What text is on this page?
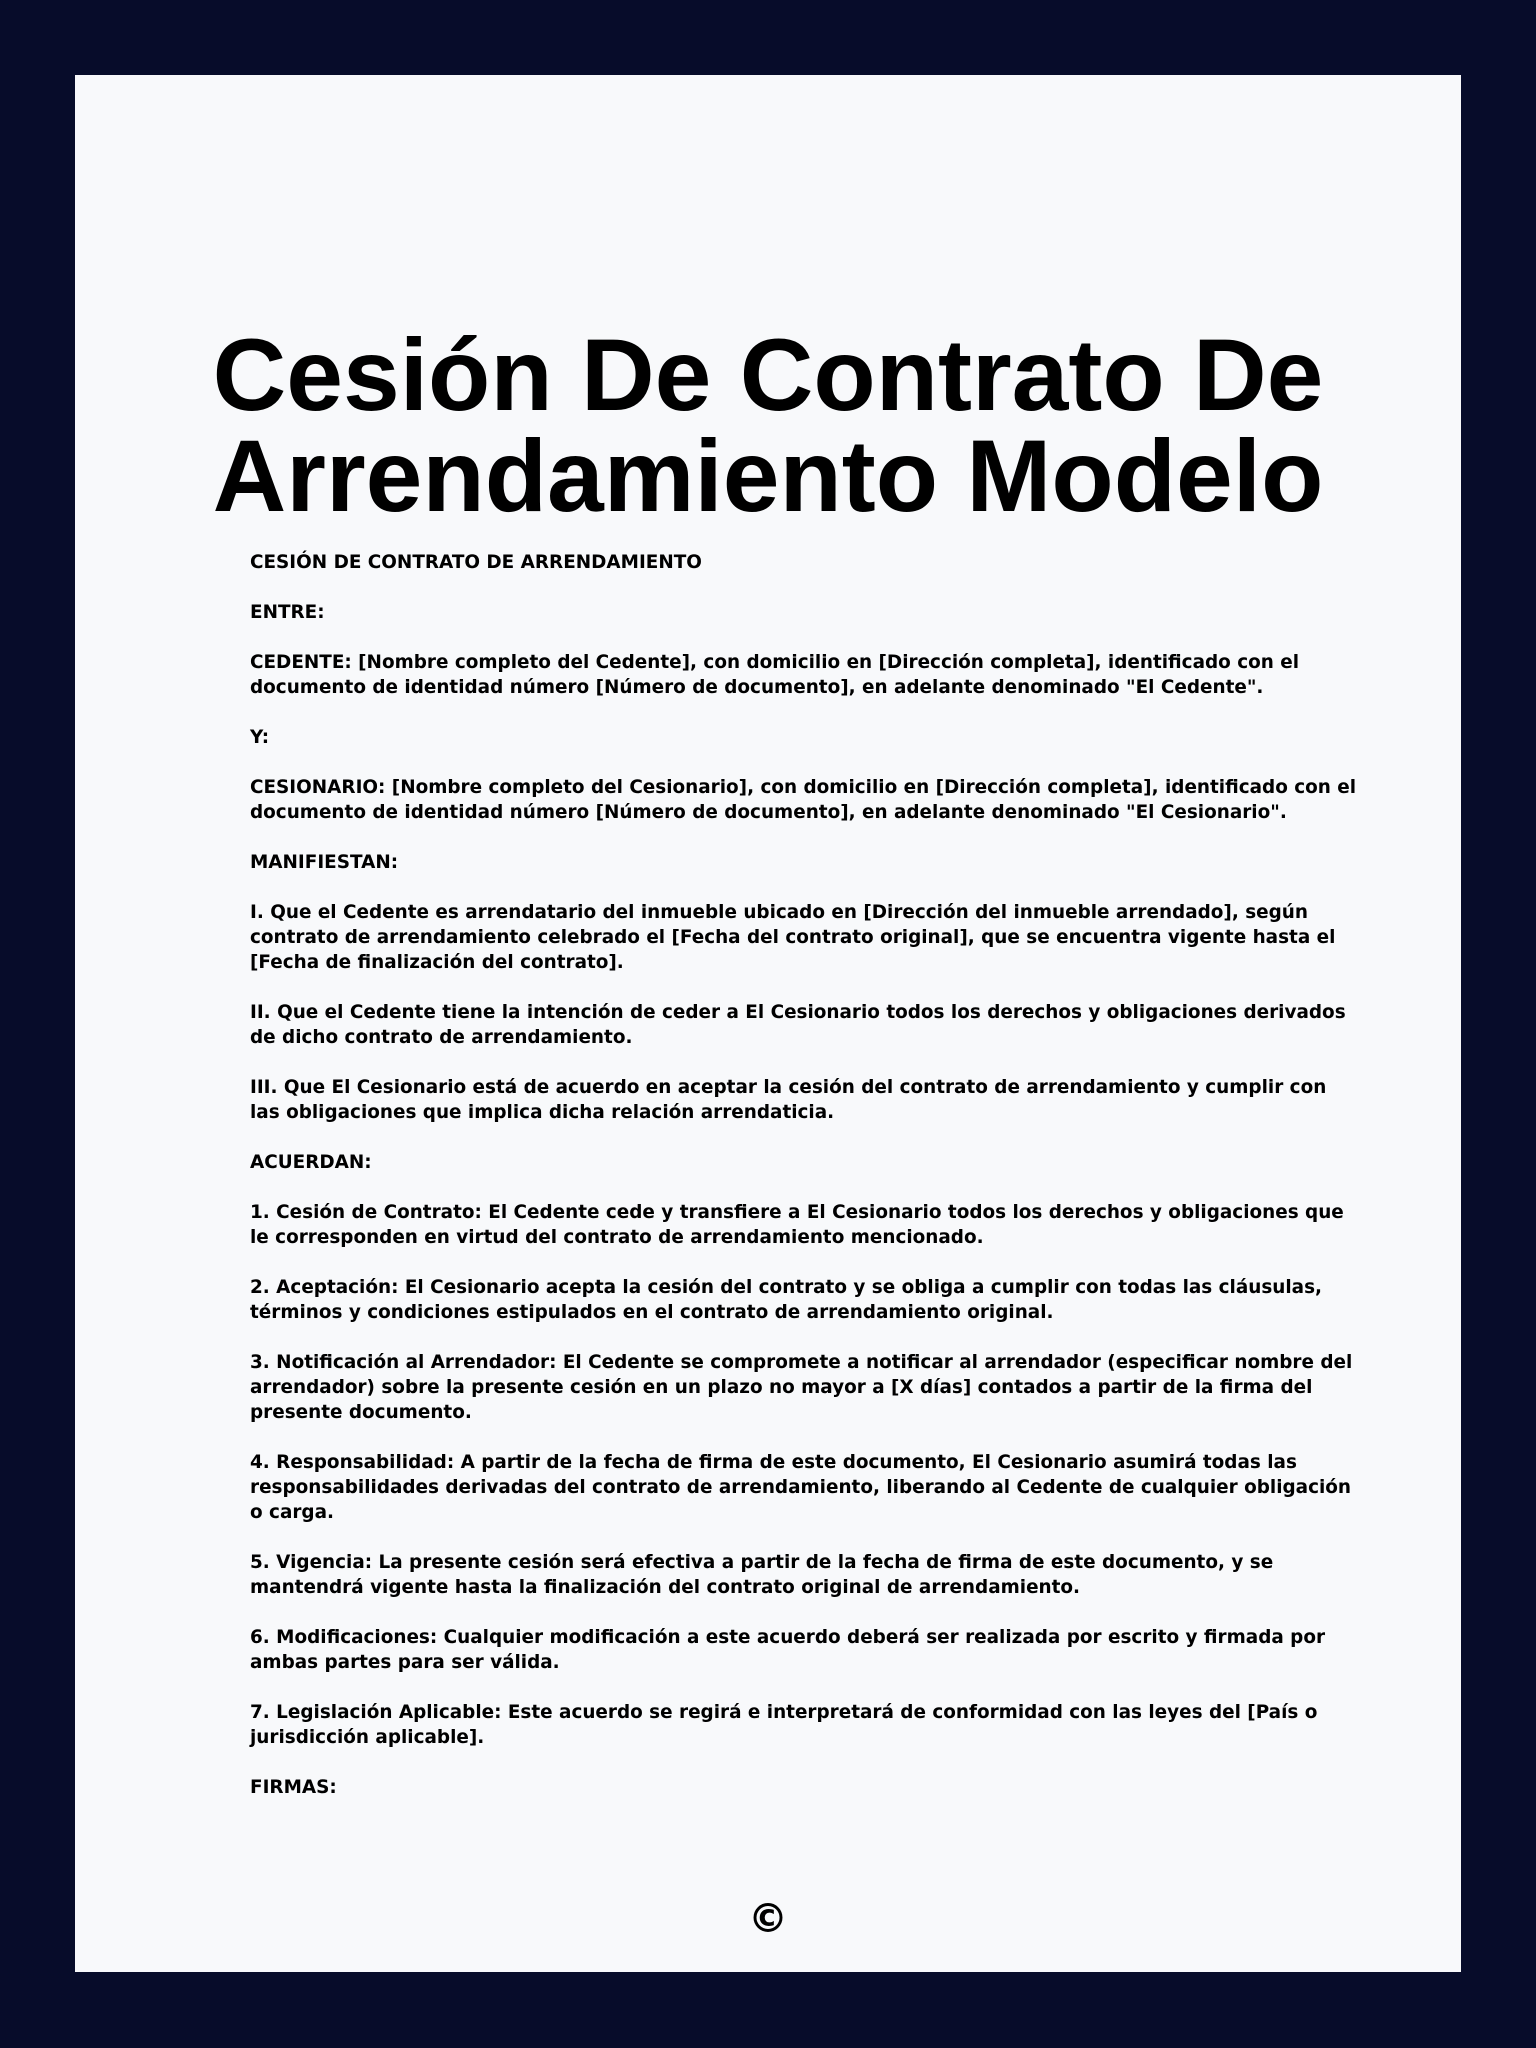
Cesión De Contrato De Arrendamiento Modelo

CESIÓN DE CONTRATO DE ARRENDAMIENTO

ENTRE:

CEDENTE: [Nombre completo del Cedente], con domicilio en [Dirección completa], identificado con el documento de identidad número [Número de documento], en adelante denominado "El Cedente".

Y:

CESIONARIO: [Nombre completo del Cesionario], con domicilio en [Dirección completa], identificado con el documento de identidad número [Número de documento], en adelante denominado "El Cesionario".

MANIFIESTAN:

I. Que el Cedente es arrendatario del inmueble ubicado en [Dirección del inmueble arrendado], según contrato de arrendamiento celebrado el [Fecha del contrato original], que se encuentra vigente hasta el [Fecha de finalización del contrato].

II. Que el Cedente tiene la intención de ceder a El Cesionario todos los derechos y obligaciones derivados de dicho contrato de arrendamiento.

III. Que El Cesionario está de acuerdo en aceptar la cesión del contrato de arrendamiento y cumplir con las obligaciones que implica dicha relación arrendaticia.

ACUERDAN:

1. Cesión de Contrato: El Cedente cede y transfiere a El Cesionario todos los derechos y obligaciones que le corresponden en virtud del contrato de arrendamiento mencionado.

2. Aceptación: El Cesionario acepta la cesión del contrato y se obliga a cumplir con todas las cláusulas, términos y condiciones estipulados en el contrato de arrendamiento original.

3. Notificación al Arrendador: El Cedente se compromete a notificar al arrendador (especificar nombre del arrendador) sobre la presente cesión en un plazo no mayor a [X días] contados a partir de la firma del presente documento.

4. Responsabilidad: A partir de la fecha de firma de este documento, El Cesionario asumirá todas las responsabilidades derivadas del contrato de arrendamiento, liberando al Cedente de cualquier obligación o carga.

5. Vigencia: La presente cesión será efectiva a partir de la fecha de firma de este documento, y se mantendrá vigente hasta la finalización del contrato original de arrendamiento.

6. Modificaciones: Cualquier modificación a este acuerdo deberá ser realizada por escrito y firmada por ambas partes para ser válida.

7. Legislación Aplicable: Este acuerdo se regirá e interpretará de conformidad con las leyes del [País o jurisdicción aplicable].

FIRMAS:

©
